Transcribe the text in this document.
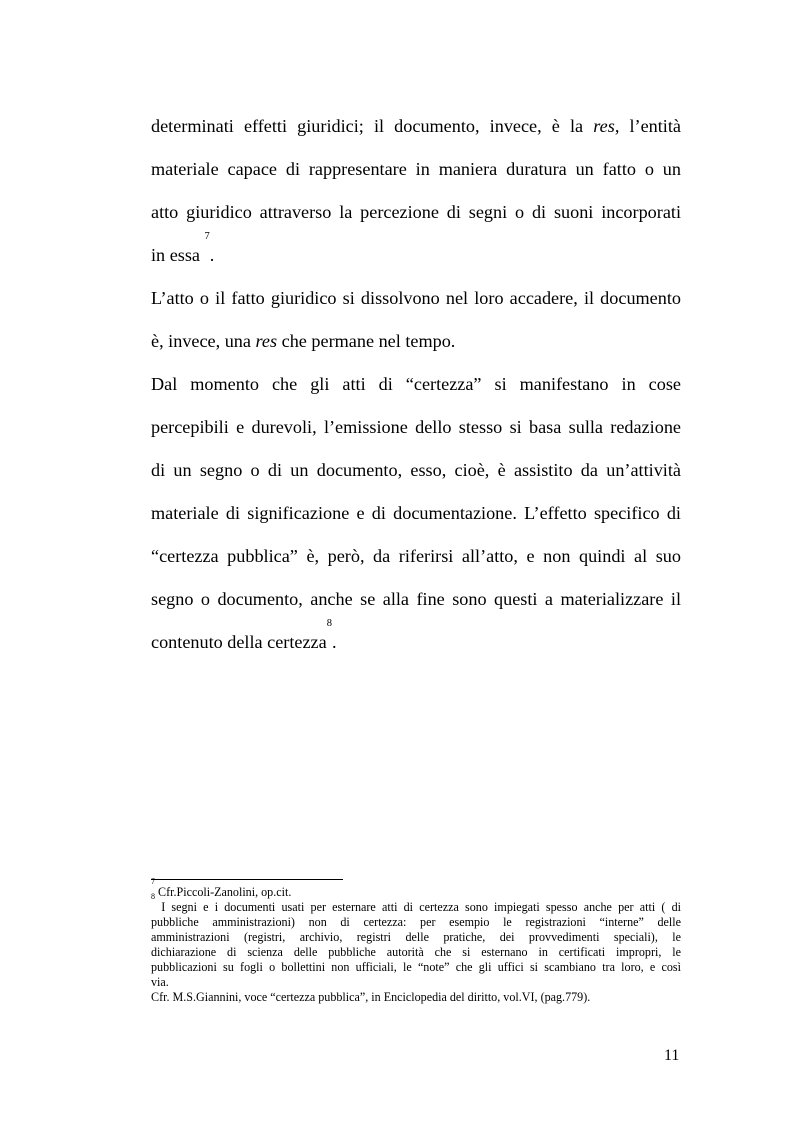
determinati effetti giuridici; il documento, invece, è la res, l’entità
materiale capace di rappresentare in maniera duratura un fatto o un
atto giuridico attraverso la percezione di segni o di suoni incorporati
in essa $^7$.
L’atto o il fatto giuridico si dissolvono nel loro accadere, il documento
è, invece, una res che permane nel tempo.
Dal momento che gli atti di “certezza” si manifestano in cose
percepibili e durevoli, l’emissione dello stesso si basa sulla redazione
di un segno o di un documento, esso, cioè, è assistito da un’attività
materiale di significazione e di documentazione. L’effetto specifico di
“certezza pubblica” è, però, da riferirsi all’atto, e non quindi al suo
segno o documento, anche se alla fine sono questi a materializzare il
contenuto della certezza$^8$.
$^7$ Cfr.Piccoli-Zanolini, op.cit.
$^8$ I segni e i documenti usati per esternare atti di certezza sono impiegati spesso anche per atti ( di
pubbliche amministrazioni) non di certezza: per esempio le registrazioni “interne” delle
amministrazioni (registri, archivio, registri delle pratiche, dei provvedimenti speciali), le
dichiarazione di scienza delle pubbliche autorità che si esternano in certificati impropri, le
pubblicazioni su fogli o bollettini non ufficiali, le “note” che gli uffici si scambiano tra loro, e così
via.
Cfr. M.S.Giannini, voce “certezza pubblica”, in Enciclopedia del diritto, vol.VI, (pag.779).
11
